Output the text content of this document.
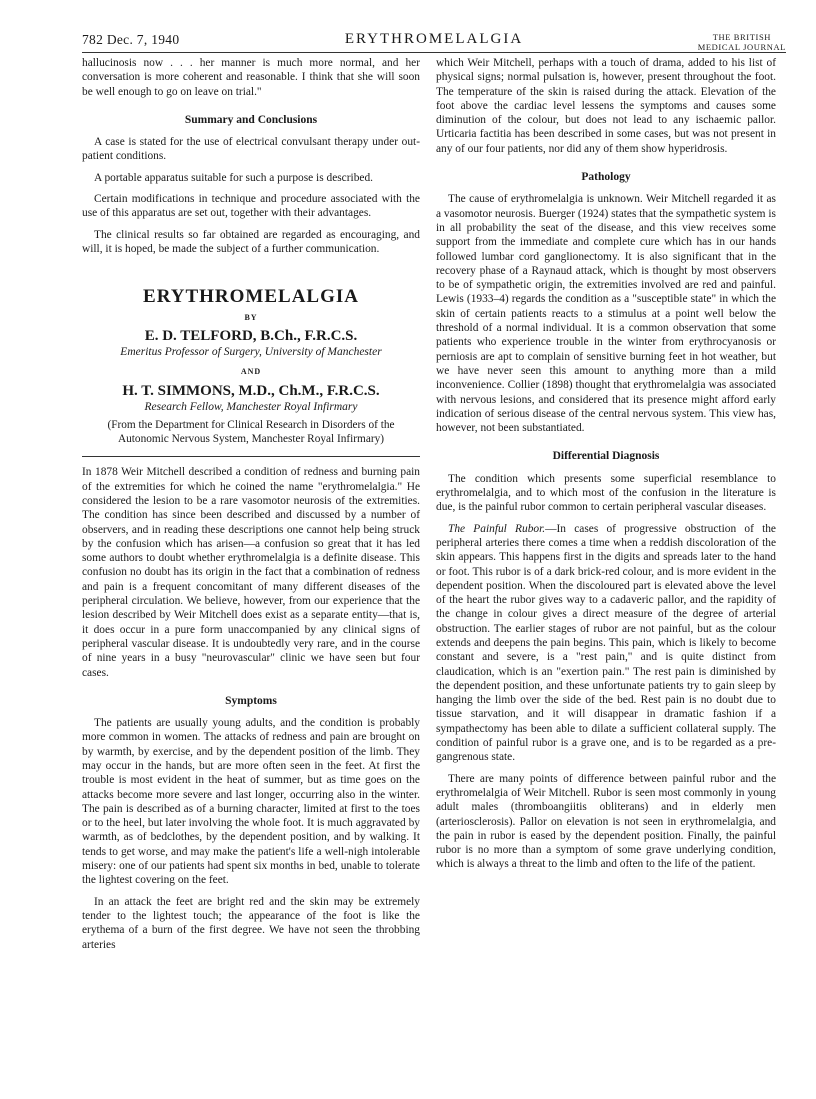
782 Dec. 7, 1940	ERYTHROMELALGIA	THE BRITISH
MEDICAL JOURNAL

hallucinosis now . . . her manner is much more normal, and her conversation is more coherent and reasonable. I think that she will soon be well enough to go on leave on trial."

Summary and Conclusions

A case is stated for the use of electrical convulsant therapy under out-patient conditions.

A portable apparatus suitable for such a purpose is described.

Certain modifications in technique and procedure associated with the use of this apparatus are set out, together with their advantages.

The clinical results so far obtained are regarded as encouraging, and will, it is hoped, be made the subject of a further communication.

ERYTHROMELALGIA
BY
E. D. TELFORD, B.Ch., F.R.C.S.
Emeritus Professor of Surgery, University of Manchester
AND
H. T. SIMMONS, M.D., Ch.M., F.R.C.S.
Research Fellow, Manchester Royal Infirmary
(From the Department for Clinical Research in Disorders of the Autonomic Nervous System, Manchester Royal Infirmary)

In 1878 Weir Mitchell described a condition of redness and burning pain of the extremities for which he coined the name "erythromelalgia." He considered the lesion to be a rare vasomotor neurosis of the extremities. The condition has since been described and discussed by a number of observers, and in reading these descriptions one cannot help being struck by the confusion which has arisen—a confusion so great that it has led some authors to doubt whether erythromelalgia is a definite disease. This confusion no doubt has its origin in the fact that a combination of redness and pain is a frequent concomitant of many different diseases of the peripheral circulation. We believe, however, from our experience that the lesion described by Weir Mitchell does exist as a separate entity—that is, it does occur in a pure form unaccompanied by any clinical signs of peripheral vascular disease. It is undoubtedly very rare, and in the course of nine years in a busy "neurovascular" clinic we have seen but four cases.

Symptoms

The patients are usually young adults, and the condition is probably more common in women. The attacks of redness and pain are brought on by warmth, by exercise, and by the dependent position of the limb. They may occur in the hands, but are more often seen in the feet. At first the trouble is most evident in the heat of summer, but as time goes on the attacks become more severe and last longer, occurring also in the winter. The pain is described as of a burning character, limited at first to the toes or to the heel, but later involving the whole foot. It is much aggravated by warmth, as of bedclothes, by the dependent position, and by walking. It tends to get worse, and may make the patient's life a well-nigh intolerable misery: one of our patients had spent six months in bed, unable to tolerate the lightest covering on the feet.

In an attack the feet are bright red and the skin may be extremely tender to the lightest touch; the appearance of the foot is like the erythema of a burn of the first degree. We have not seen the throbbing arteries

which Weir Mitchell, perhaps with a touch of drama, added to his list of physical signs; normal pulsation is, however, present throughout the foot. The temperature of the skin is raised during the attack. Elevation of the foot above the cardiac level lessens the symptoms and causes some diminution of the colour, but does not lead to any ischaemic pallor. Urticaria factitia has been described in some cases, but was not present in any of our four patients, nor did any of them show hyperidrosis.

Pathology

The cause of erythromelalgia is unknown. Weir Mitchell regarded it as a vasomotor neurosis. Buerger (1924) states that the sympathetic system is in all probability the seat of the disease, and this view receives some support from the immediate and complete cure which has in our hands followed lumbar cord ganglionectomy. It is also significant that in the recovery phase of a Raynaud attack, which is thought by most observers to be of sympathetic origin, the extremities involved are red and painful. Lewis (1933–4) regards the condition as a "susceptible state" in which the skin of certain patients reacts to a stimulus at a point well below the threshold of a normal individual. It is a common observation that some patients who experience trouble in the winter from erythrocyanosis or perniosis are apt to complain of sensitive burning feet in hot weather, but we have never seen this amount to anything more than a mild inconvenience. Collier (1898) thought that erythromelalgia was associated with nervous lesions, and considered that its presence might afford early indication of serious disease of the central nervous system. This view has, however, not been substantiated.

Differential Diagnosis

The condition which presents some superficial resemblance to erythromelalgia, and to which most of the confusion in the literature is due, is the painful rubor common to certain peripheral vascular diseases.

The Painful Rubor.—In cases of progressive obstruction of the peripheral arteries there comes a time when a reddish discoloration of the skin appears. This happens first in the digits and spreads later to the hand or foot. This rubor is of a dark brick-red colour, and is more evident in the dependent position. When the discoloured part is elevated above the level of the heart the rubor gives way to a cadaveric pallor, and the rapidity of the change in colour gives a direct measure of the degree of arterial obstruction. The earlier stages of rubor are not painful, but as the colour extends and deepens the pain begins. This pain, which is likely to become constant and severe, is a "rest pain," and is quite distinct from claudication, which is an "exertion pain." The rest pain is diminished by the dependent position, and these unfortunate patients try to gain sleep by hanging the limb over the side of the bed. Rest pain is no doubt due to tissue starvation, and it will disappear in dramatic fashion if a sympathectomy has been able to dilate a sufficient collateral supply. The condition of painful rubor is a grave one, and is to be regarded as a pre-gangrenous state.

There are many points of difference between painful rubor and the erythromelalgia of Weir Mitchell. Rubor is seen most commonly in young adult males (thromboangiitis obliterans) and in elderly men (arteriosclerosis). Pallor on elevation is not seen in erythromelalgia, and the pain in rubor is eased by the dependent position. Finally, the painful rubor is no more than a symptom of some grave underlying condition, which is always a threat to the limb and often to the life of the patient.
